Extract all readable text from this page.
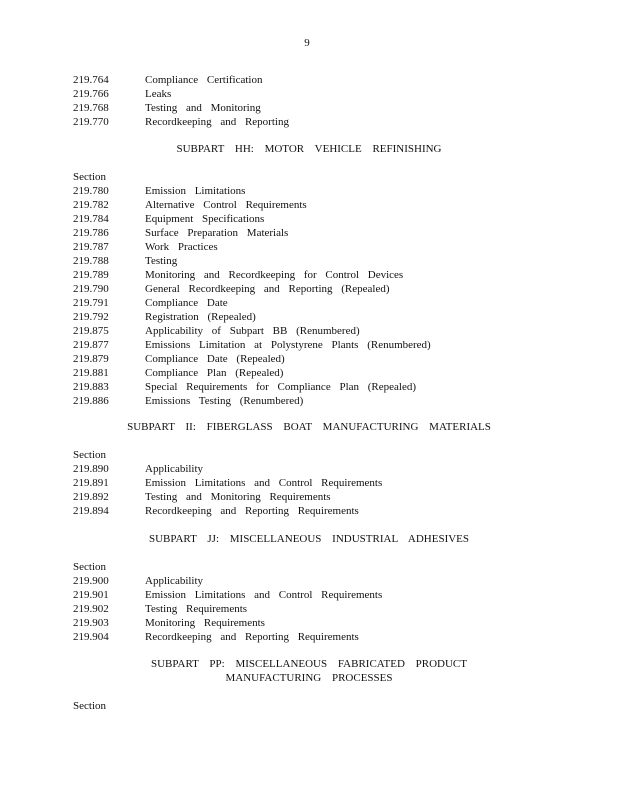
9
219.764	Compliance Certification
219.766	Leaks
219.768	Testing and Monitoring
219.770	Recordkeeping and Reporting
SUBPART HH: MOTOR VEHICLE REFINISHING
Section
219.780	Emission Limitations
219.782	Alternative Control Requirements
219.784	Equipment Specifications
219.786	Surface Preparation Materials
219.787	Work Practices
219.788	Testing
219.789	Monitoring and Recordkeeping for Control Devices
219.790	General Recordkeeping and Reporting (Repealed)
219.791	Compliance Date
219.792	Registration (Repealed)
219.875	Applicability of Subpart BB (Renumbered)
219.877	Emissions Limitation at Polystyrene Plants (Renumbered)
219.879	Compliance Date (Repealed)
219.881	Compliance Plan (Repealed)
219.883	Special Requirements for Compliance Plan (Repealed)
219.886	Emissions Testing (Renumbered)
SUBPART II: FIBERGLASS BOAT MANUFACTURING MATERIALS
Section
219.890	Applicability
219.891	Emission Limitations and Control Requirements
219.892	Testing and Monitoring Requirements
219.894	Recordkeeping and Reporting Requirements
SUBPART JJ: MISCELLANEOUS INDUSTRIAL ADHESIVES
Section
219.900	Applicability
219.901	Emission Limitations and Control Requirements
219.902	Testing Requirements
219.903	Monitoring Requirements
219.904	Recordkeeping and Reporting Requirements
SUBPART PP: MISCELLANEOUS FABRICATED PRODUCT
MANUFACTURING PROCESSES
Section
